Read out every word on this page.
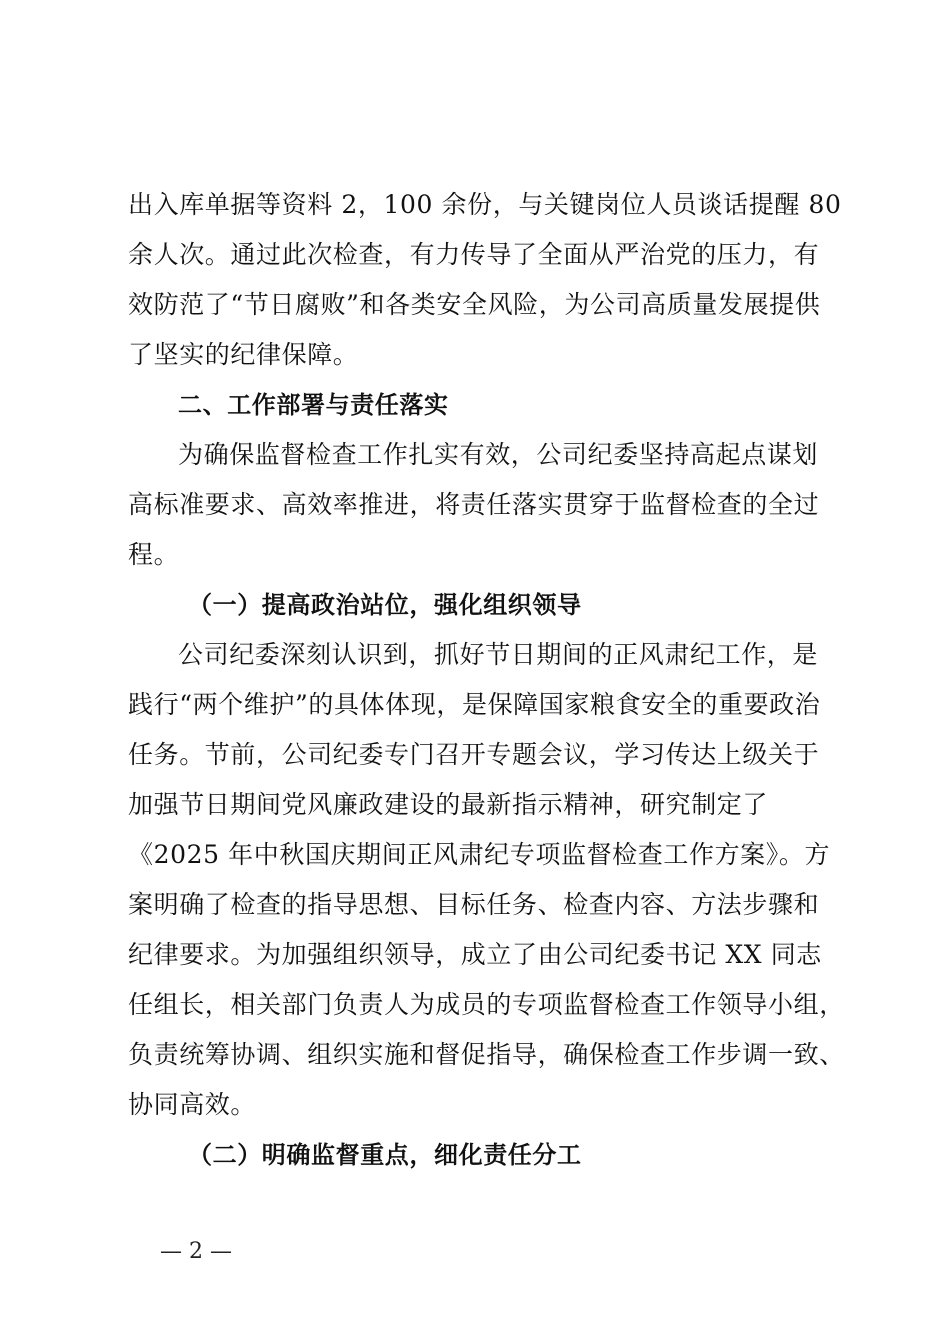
出入库单据等资料 2，100 余份，与关键岗位人员谈话提醒 80
余人次。通过此次检查，有力传导了全面从严治党的压力，有
效防范了“节日腐败”和各类安全风险，为公司高质量发展提供
了坚实的纪律保障。
二、工作部署与责任落实
为确保监督检查工作扎实有效，公司纪委坚持高起点谋划
高标准要求、高效率推进，将责任落实贯穿于监督检查的全过
程。
（一）提高政治站位，强化组织领导
公司纪委深刻认识到，抓好节日期间的正风肃纪工作，是
践行“两个维护”的具体体现，是保障国家粮食安全的重要政治
任务。节前，公司纪委专门召开专题会议，学习传达上级关于
加强节日期间党风廉政建设的最新指示精神，研究制定了
《2025 年中秋国庆期间正风肃纪专项监督检查工作方案》。方
案明确了检查的指导思想、目标任务、检查内容、方法步骤和
纪律要求。为加强组织领导，成立了由公司纪委书记 XX 同志
任组长，相关部门负责人为成员的专项监督检查工作领导小组，
负责统筹协调、组织实施和督促指导，确保检查工作步调一致、
协同高效。
（二）明确监督重点，细化责任分工
— 2 —
